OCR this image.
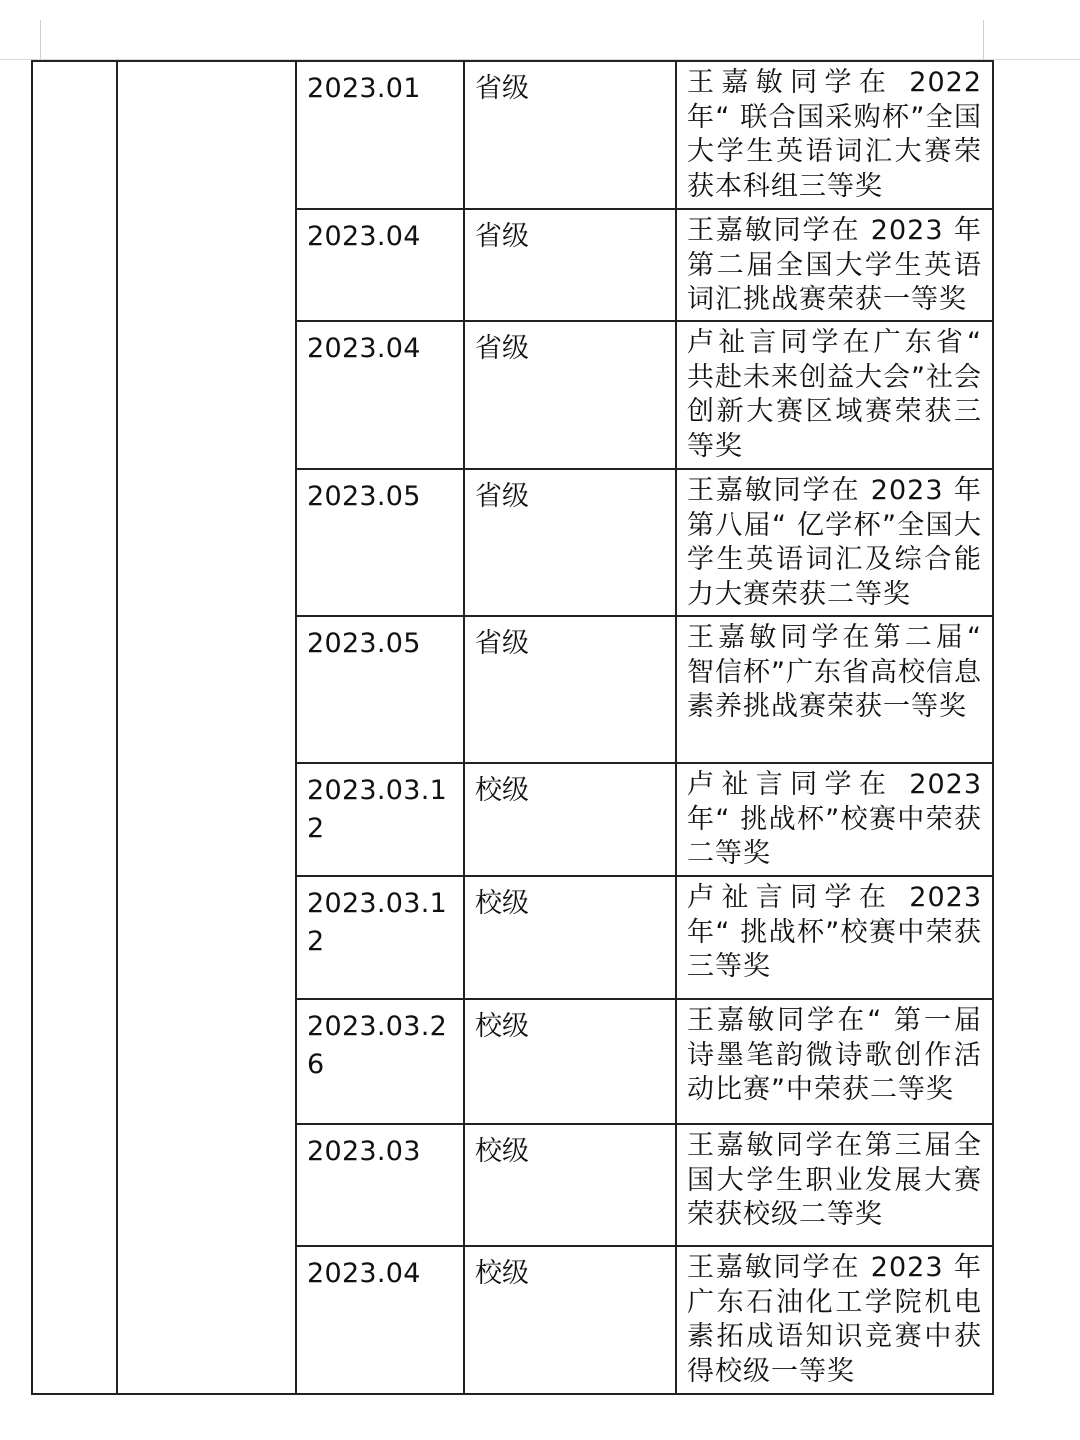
		2023.01	省级	王嘉敏同学在 2022 年“ 联合国采购杯”全国大学生英语词汇大赛荣获本科组三等奖

		2023.04	省级	王嘉敏同学在 2023 年第二届全国大学生英语词汇挑战赛荣获一等奖

		2023.04	省级	卢祉言同学在广东省“ 共赴未来创益大会”社会创新大赛区域赛荣获三等奖

		2023.05	省级	王嘉敏同学在 2023 年第八届“ 亿学杯”全国大学生英语词汇及综合能力大赛荣获二等奖

		2023.05	省级	王嘉敏同学在第二届“ 智信杯”广东省高校信息素养挑战赛荣获一等奖

		2023.03.12	校级	卢祉言同学在 2023 年“ 挑战杯”校赛中荣获二等奖

		2023.03.12	校级	卢祉言同学在 2023 年“ 挑战杯”校赛中荣获三等奖

		2023.03.26	校级	王嘉敏同学在“ 第一届诗墨笔韵微诗歌创作活动比赛”中荣获二等奖

		2023.03	校级	王嘉敏同学在第三届全国大学生职业发展大赛荣获校级二等奖

		2023.04	校级	王嘉敏同学在 2023 年广东石油化工学院机电素拓成语知识竞赛中获得校级一等奖
